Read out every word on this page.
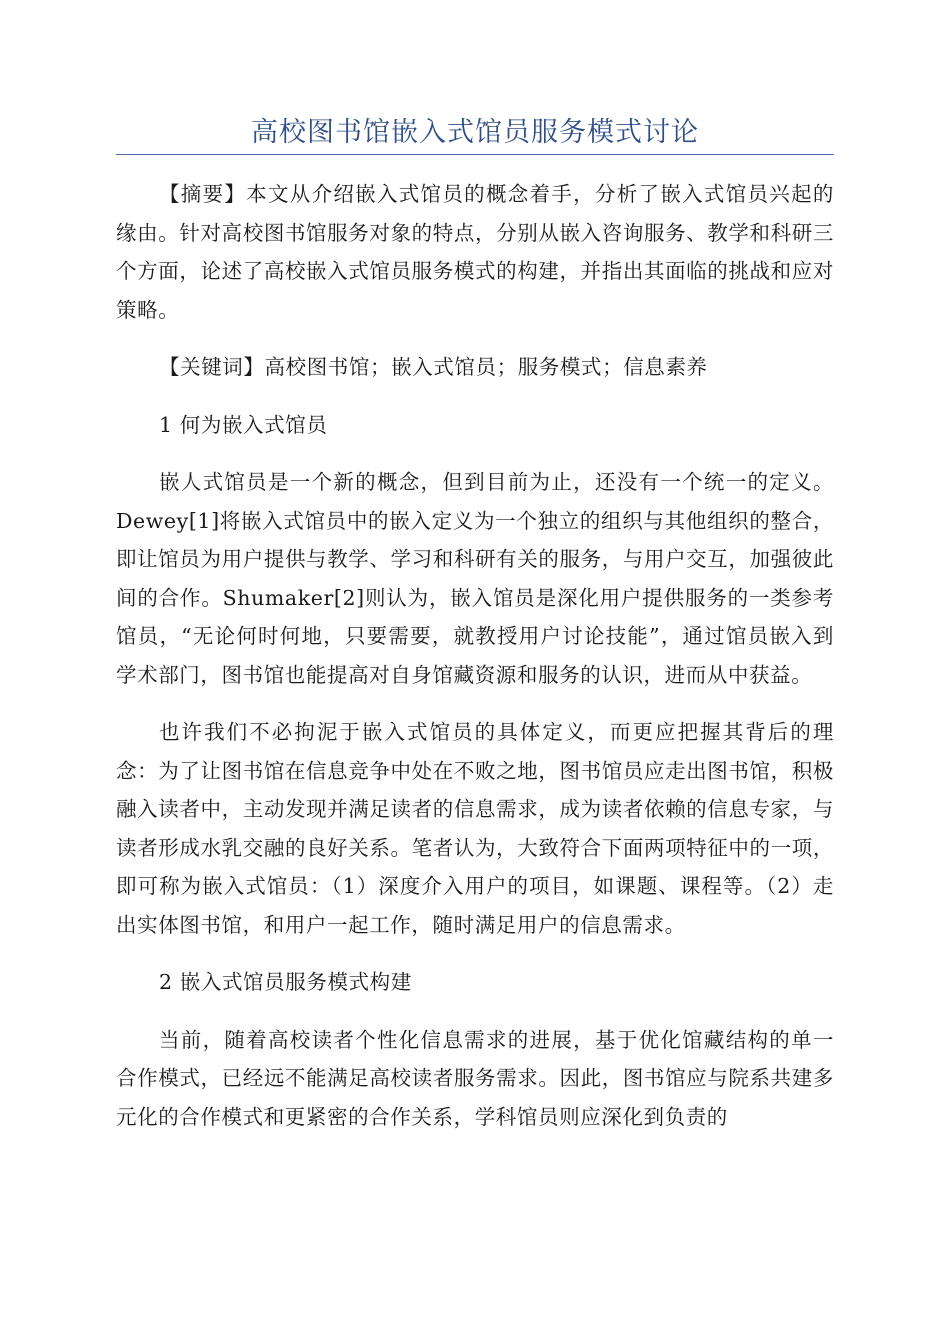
高校图书馆嵌入式馆员服务模式讨论

【摘要】本文从介绍嵌入式馆员的概念着手，分析了嵌入式馆员兴起的缘由。针对高校图书馆服务对象的特点，分别从嵌入咨询服务、教学和科研三个方面，论述了高校嵌入式馆员服务模式的构建，并指出其面临的挑战和应对策略。

【关键词】高校图书馆；嵌入式馆员；服务模式；信息素养

1 何为嵌入式馆员

嵌人式馆员是一个新的概念，但到目前为止，还没有一个统一的定义。Dewey[1]将嵌入式馆员中的嵌入定义为一个独立的组织与其他组织的整合，即让馆员为用户提供与教学、学习和科研有关的服务，与用户交互，加强彼此间的合作。Shumaker[2]则认为，嵌入馆员是深化用户提供服务的一类参考馆员，“无论何时何地，只要需要，就教授用户讨论技能”，通过馆员嵌入到学术部门，图书馆也能提高对自身馆藏资源和服务的认识，进而从中获益。

也许我们不必拘泥于嵌入式馆员的具体定义，而更应把握其背后的理念：为了让图书馆在信息竞争中处在不败之地，图书馆员应走出图书馆，积极融入读者中，主动发现并满足读者的信息需求，成为读者依赖的信息专家，与读者形成水乳交融的良好关系。笔者认为，大致符合下面两项特征中的一项，即可称为嵌入式馆员：（1）深度介入用户的项目，如课题、课程等。（2）走出实体图书馆，和用户一起工作，随时满足用户的信息需求。

2 嵌入式馆员服务模式构建

当前，随着高校读者个性化信息需求的进展，基于优化馆藏结构的单一合作模式，已经远不能满足高校读者服务需求。因此，图书馆应与院系共建多元化的合作模式和更紧密的合作关系，学科馆员则应深化到负责的
